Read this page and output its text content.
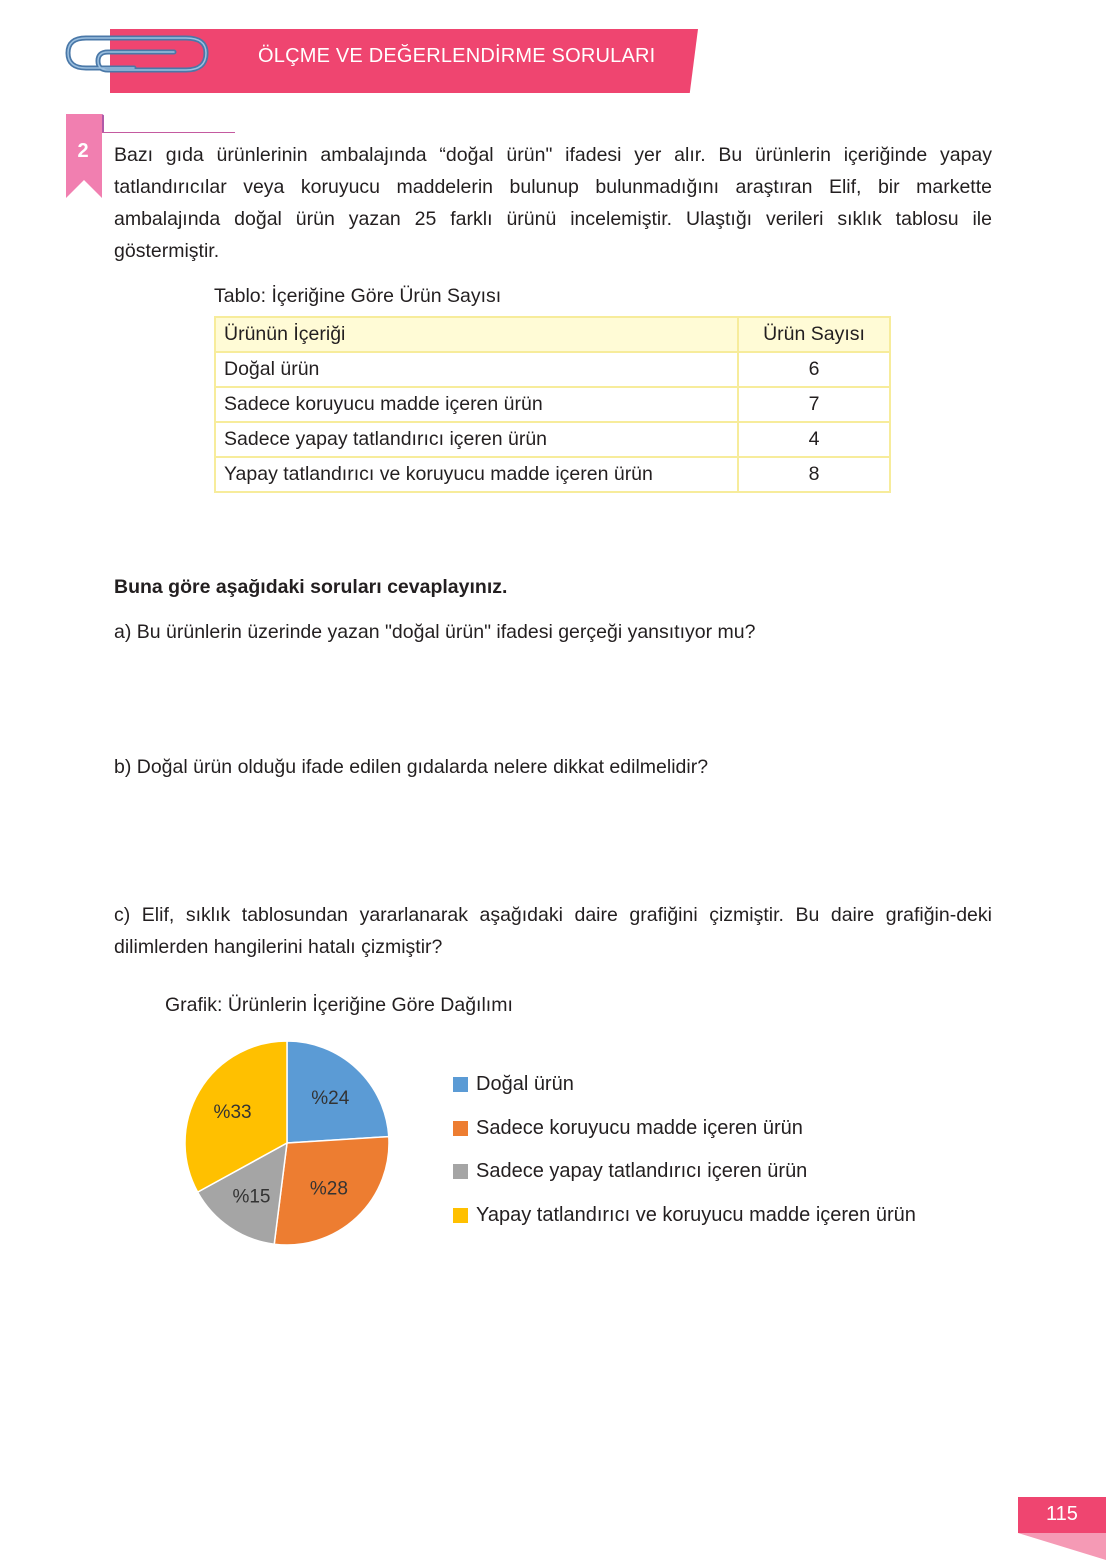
ÖLÇME VE DEĞERLENDİRME SORULARI
2	Bazı gıda ürünlerinin ambalajında “doğal ürün" ifadesi yer alır. Bu ürünlerin içeriğinde yapay tatlandırıcılar veya koruyucu maddelerin bulunup bulunmadığını araştıran Elif, bir markette ambalajında doğal ürün yazan 25 farklı ürünü incelemiştir. Ulaştığı verileri sıklık tablosu ile göstermiştir.

Tablo: İçeriğine Göre Ürün Sayısı
Ürünün İçeriği	Ürün Sayısı
Doğal ürün	6
Sadece koruyucu madde içeren ürün	7
Sadece yapay tatlandırıcı içeren ürün	4
Yapay tatlandırıcı ve koruyucu madde içeren ürün	8
Buna göre aşağıdaki soruları cevaplayınız.
a) Bu ürünlerin üzerinde yazan "doğal ürün" ifadesi gerçeği yansıtıyor mu?
b) Doğal ürün olduğu ifade edilen gıdalarda nelere dikkat edilmelidir?

c) Elif, sıklık tablosundan yararlanarak aşağıdaki daire grafiğini çizmiştir. Bu daire grafiğin-deki dilimlerden hangilerini hatalı çizmiştir?

Grafik: Ürünlerin İçeriğine Göre Dağılımı
%24
%28
%15
%33
Doğal ürün
Sadece koruyucu madde içeren ürün
Sadece yapay tatlandırıcı içeren ürün
Yapay tatlandırıcı ve koruyucu madde içeren ürün
115
